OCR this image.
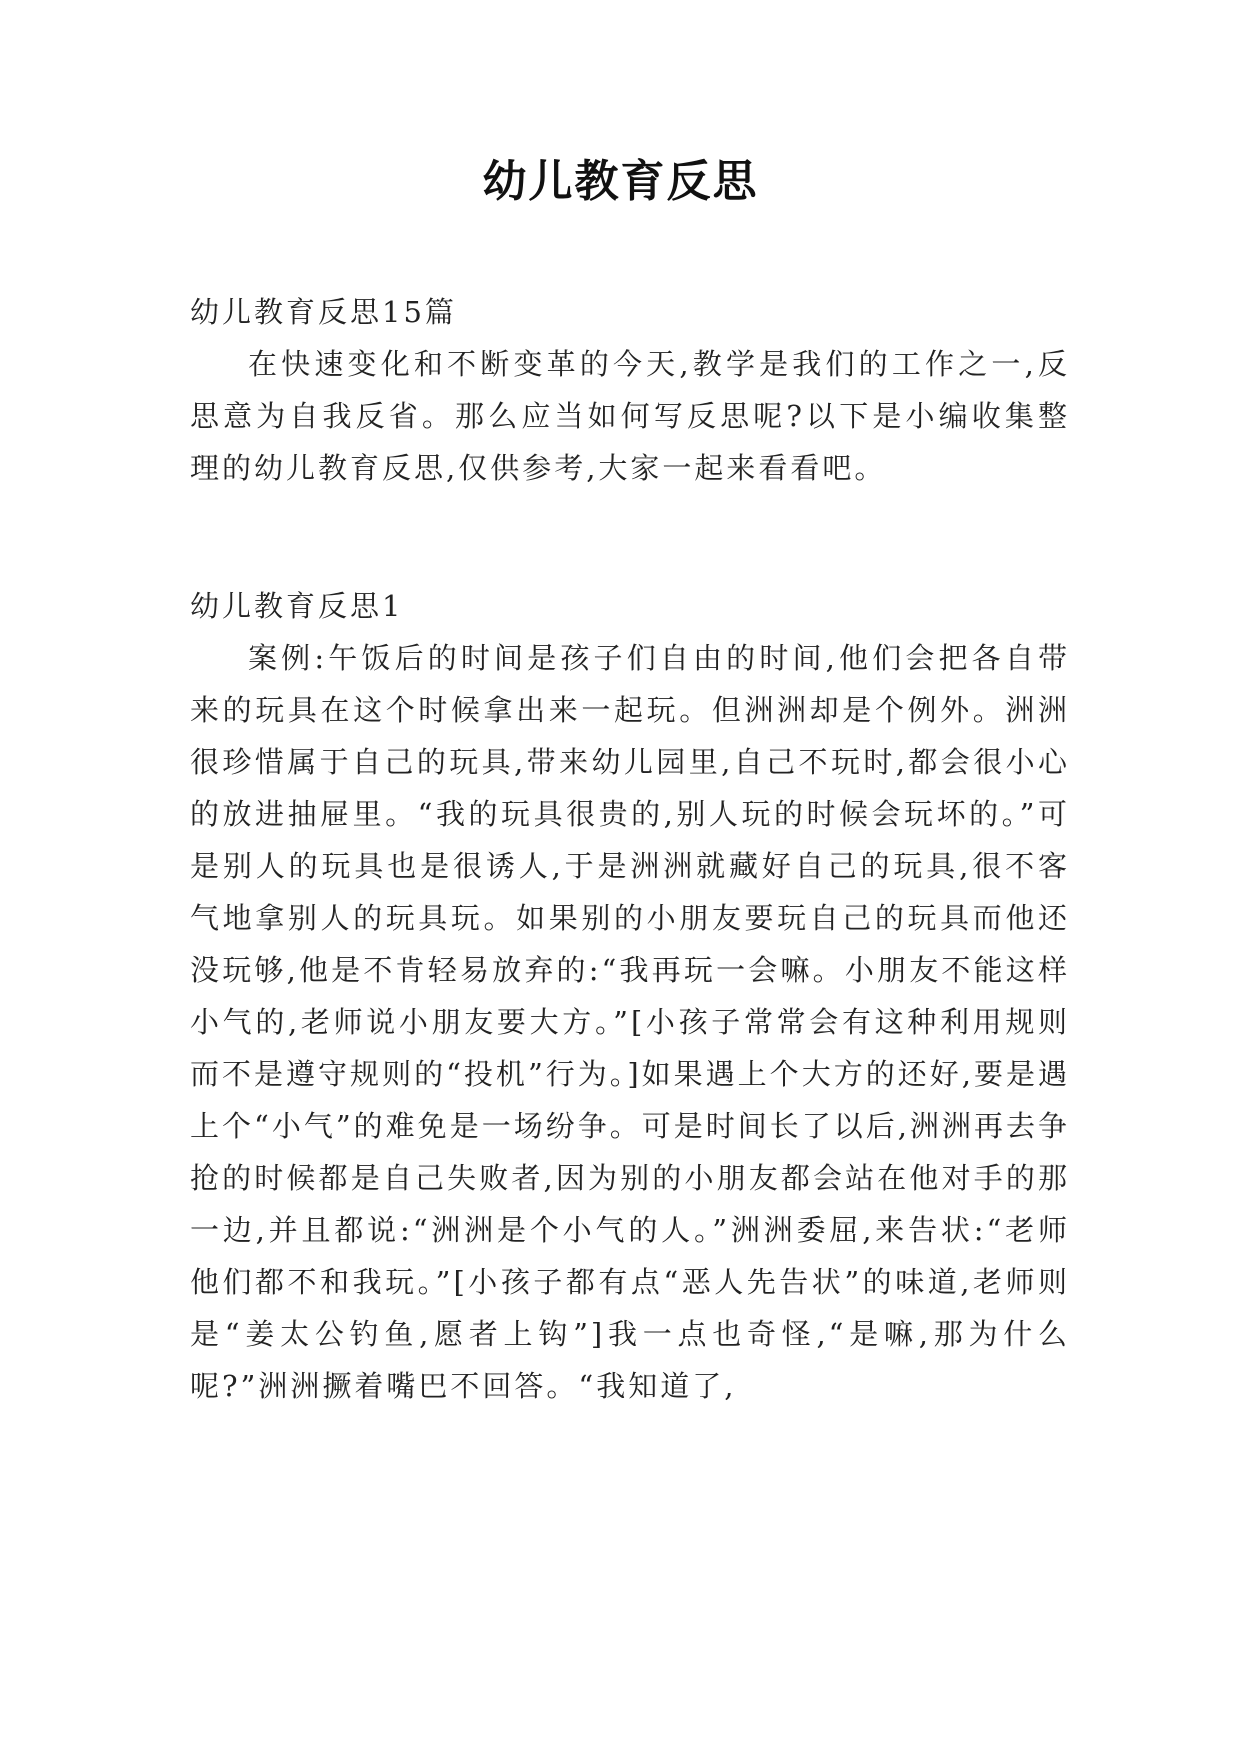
幼儿教育反思

幼儿教育反思15篇

在快速变化和不断变革的今天,教学是我们的工作之一,反思意为自我反省。那么应当如何写反思呢?以下是小编收集整理的幼儿教育反思,仅供参考,大家一起来看看吧。

幼儿教育反思1

案例:午饭后的时间是孩子们自由的时间,他们会把各自带来的玩具在这个时候拿出来一起玩。但洲洲却是个例外。洲洲很珍惜属于自己的玩具,带来幼儿园里,自己不玩时,都会很小心的放进抽屉里。“我的玩具很贵的,别人玩的时候会玩坏的。”可是别人的玩具也是很诱人,于是洲洲就藏好自己的玩具,很不客气地拿别人的玩具玩。如果别的小朋友要玩自己的玩具而他还没玩够,他是不肯轻易放弃的:“我再玩一会嘛。小朋友不能这样小气的,老师说小朋友要大方。”[小孩子常常会有这种利用规则而不是遵守规则的“投机”行为。]如果遇上个大方的还好,要是遇上个“小气”的难免是一场纷争。可是时间长了以后,洲洲再去争抢的时候都是自己失败者,因为别的小朋友都会站在他对手的那一边,并且都说:“洲洲是个小气的人。”洲洲委屈,来告状:“老师他们都不和我玩。”[小孩子都有点“恶人先告状”的味道,老师则是“姜太公钓鱼,愿者上钩”]我一点也奇怪,“是嘛,那为什么呢?”洲洲撅着嘴巴不回答。“我知道了,
